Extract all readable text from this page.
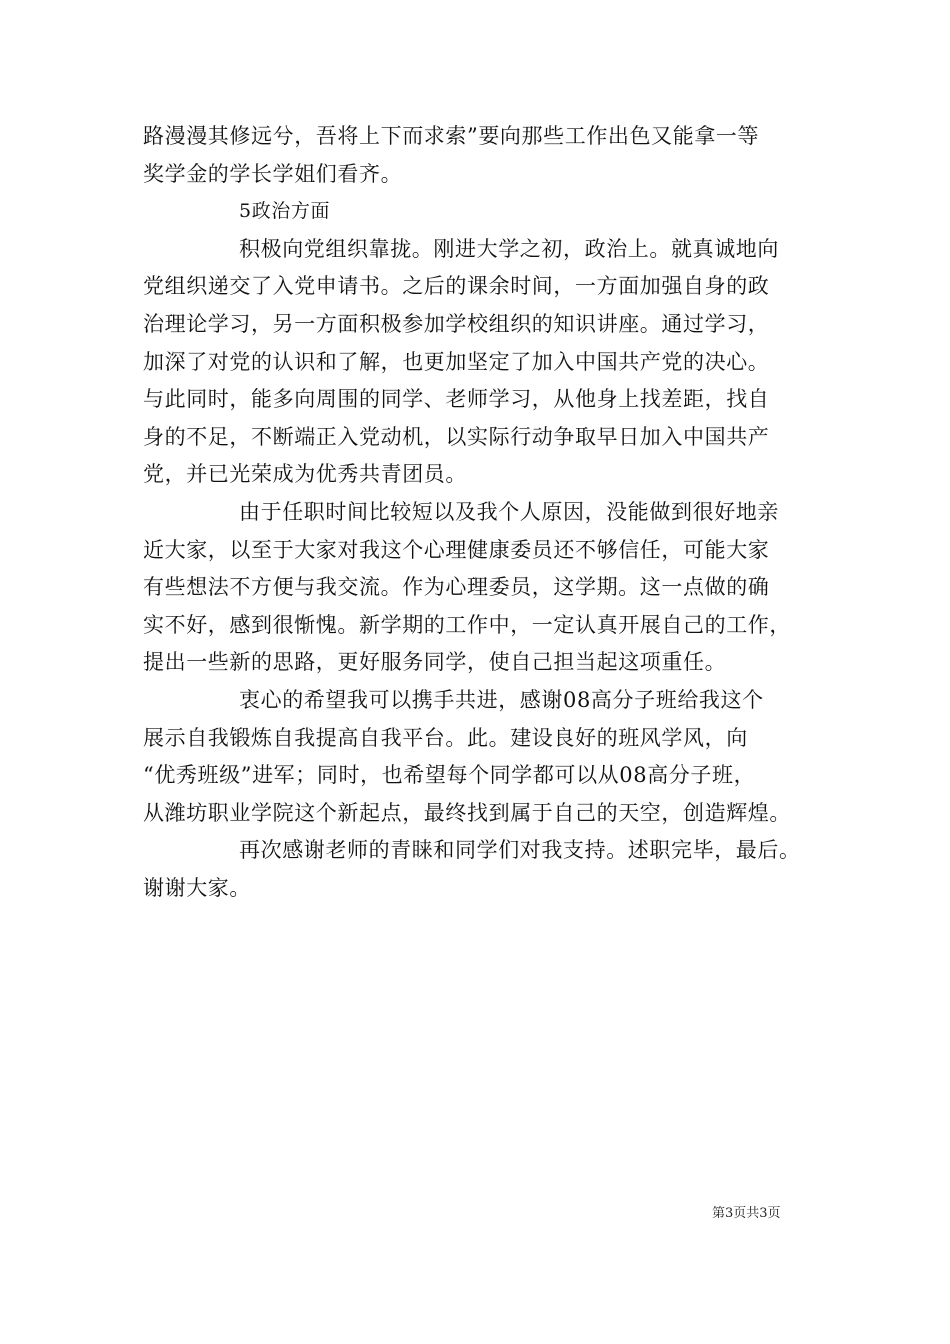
路漫漫其修远兮，吾将上下而求索”要向那些工作出色又能拿一等
奖学金的学长学姐们看齐。
5政治方面
积极向党组织靠拢。刚进大学之初，政治上。就真诚地向
党组织递交了入党申请书。之后的课余时间，一方面加强自身的政
治理论学习，另一方面积极参加学校组织的知识讲座。通过学习，
加深了对党的认识和了解，也更加坚定了加入中国共产党的决心。
与此同时，能多向周围的同学、老师学习，从他身上找差距，找自
身的不足，不断端正入党动机，以实际行动争取早日加入中国共产
党，并已光荣成为优秀共青团员。
由于任职时间比较短以及我个人原因，没能做到很好地亲
近大家，以至于大家对我这个心理健康委员还不够信任，可能大家
有些想法不方便与我交流。作为心理委员，这学期。这一点做的确
实不好，感到很惭愧。新学期的工作中，一定认真开展自己的工作，
提出一些新的思路，更好服务同学，使自己担当起这项重任。
衷心的希望我可以携手共进，感谢08高分子班给我这个
展示自我锻炼自我提高自我平台。此。建设良好的班风学风，向
“优秀班级”进军；同时，也希望每个同学都可以从08高分子班，
从潍坊职业学院这个新起点，最终找到属于自己的天空，创造辉煌。
再次感谢老师的青睐和同学们对我支持。述职完毕，最后。
谢谢大家。
第3页共3页
